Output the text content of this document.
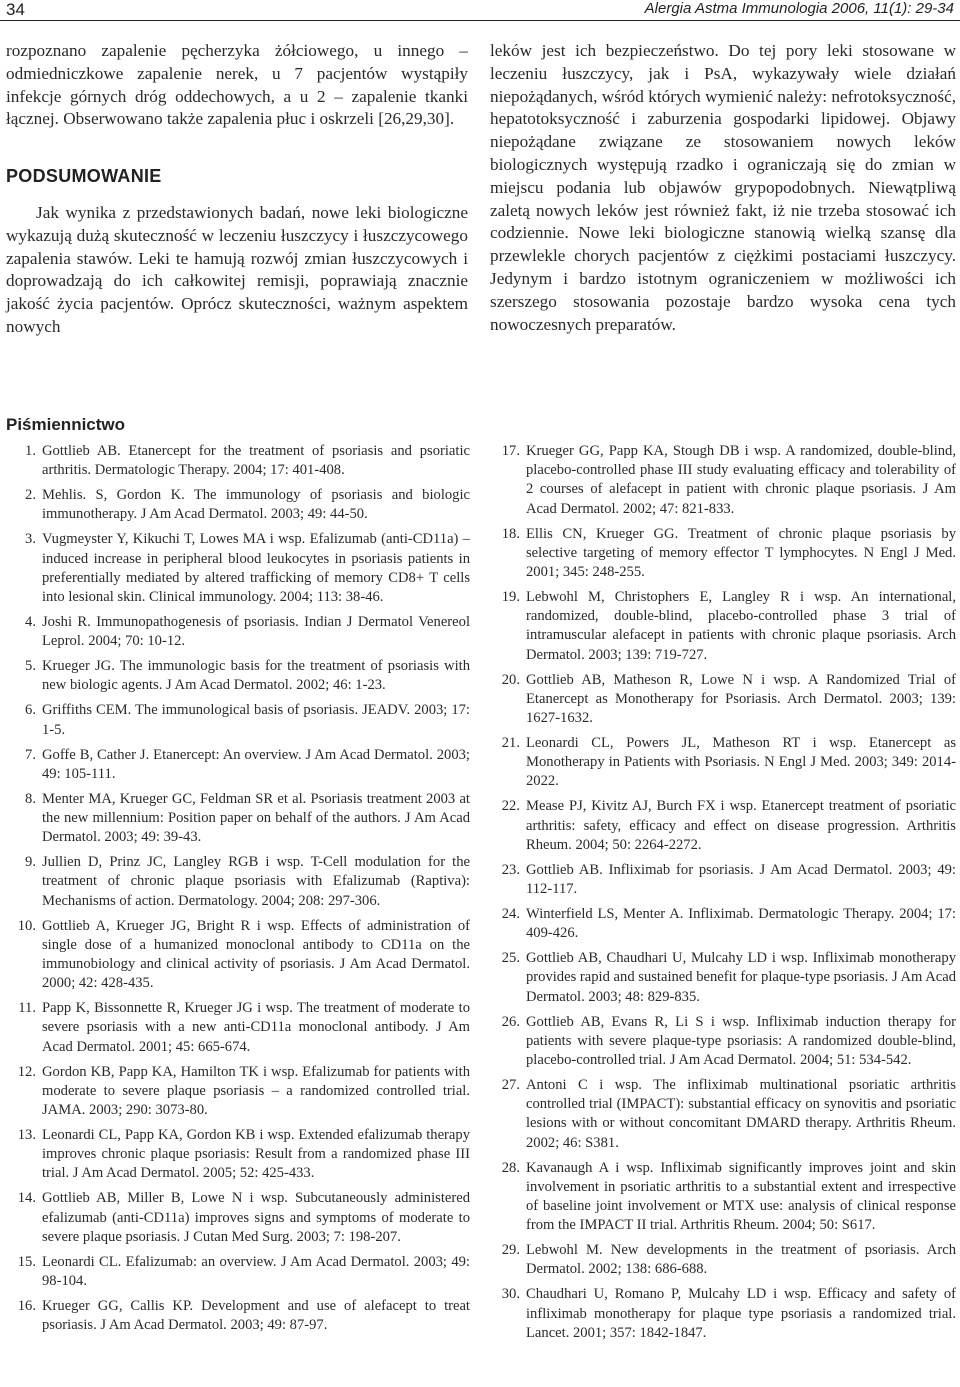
34	Alergia Astma Immunologia 2006, 11(1): 29-34

rozpoznano zapalenie pęcherzyka żółciowego, u innego – odmiedniczkowe zapalenie nerek, u 7 pacjentów wystąpiły infekcje górnych dróg oddechowych, a u 2 – zapalenie tkanki łącznej. Obserwowano także zapalenia płuc i oskrzeli [26,29,30].

PODSUMOWANIE

Jak wynika z przedstawionych badań, nowe leki biologiczne wykazują dużą skuteczność w leczeniu łuszczycy i łuszczycowego zapalenia stawów. Leki te hamują rozwój zmian łuszczycowych i doprowadzają do ich całkowitej remisji, poprawiają znacznie jakość życia pacjentów. Oprócz skuteczności, ważnym aspektem nowych

leków jest ich bezpieczeństwo. Do tej pory leki stosowane w leczeniu łuszczycy, jak i PsA, wykazywały wiele działań niepożądanych, wśród których wymienić należy: nefrotoksyczność, hepatotoksyczność i zaburzenia gospodarki lipidowej. Objawy niepożądane związane ze stosowaniem nowych leków biologicznych występują rzadko i ograniczają się do zmian w miejscu podania lub objawów grypopodobnych. Niewątpliwą zaletą nowych leków jest również fakt, iż nie trzeba stosować ich codziennie. Nowe leki biologiczne stanowią wielką szansę dla przewlekle chorych pacjentów z ciężkimi postaciami łuszczycy. Jedynym i bardzo istotnym ograniczeniem w możliwości ich szerszego stosowania pozostaje bardzo wysoka cena tych nowoczesnych preparatów.

Piśmiennictwo
1. Gottlieb AB. Etanercept for the treatment of psoriasis and psoriatic arthritis. Dermatologic Therapy. 2004; 17: 401-408.
2. Mehlis. S, Gordon K. The immunology of psoriasis and biologic immunotherapy. J Am Acad Dermatol. 2003; 49: 44-50.
3. Vugmeyster Y, Kikuchi T, Lowes MA i wsp. Efalizumab (anti-CD11a) – induced increase in peripheral blood leukocytes in psoriasis patients in preferentially mediated by altered trafficking of memory CD8+ T cells into lesional skin. Clinical immunology. 2004; 113: 38-46.
4. Joshi R. Immunopathogenesis of psoriasis. Indian J Dermatol Venereol Leprol. 2004; 70: 10-12.
5. Krueger JG. The immunologic basis for the treatment of psoriasis with new biologic agents. J Am Acad Dermatol. 2002; 46: 1-23.
6. Griffiths CEM. The immunological basis of psoriasis. JEADV. 2003; 17: 1-5.
7. Goffe B, Cather J. Etanercept: An overview. J Am Acad Dermatol. 2003; 49: 105-111.
8. Menter MA, Krueger GC, Feldman SR et al. Psoriasis treatment 2003 at the new millennium: Position paper on behalf of the authors. J Am Acad Dermatol. 2003; 49: 39-43.
9. Jullien D, Prinz JC, Langley RGB i wsp. T-Cell modulation for the treatment of chronic plaque psoriasis with Efalizumab (Raptiva): Mechanisms of action. Dermatology. 2004; 208: 297-306.
10. Gottlieb A, Krueger JG, Bright R i wsp. Effects of administration of single dose of a humanized monoclonal antibody to CD11a on the immunobiology and clinical activity of psoriasis. J Am Acad Dermatol. 2000; 42: 428-435.
11. Papp K, Bissonnette R, Krueger JG i wsp. The treatment of moderate to severe psoriasis with a new anti-CD11a monoclonal antibody. J Am Acad Dermatol. 2001; 45: 665-674.
12. Gordon KB, Papp KA, Hamilton TK i wsp. Efalizumab for patients with moderate to severe plaque psoriasis – a randomized controlled trial. JAMA. 2003; 290: 3073-80.
13. Leonardi CL, Papp KA, Gordon KB i wsp. Extended efalizumab therapy improves chronic plaque psoriasis: Result from a randomized phase III trial. J Am Acad Dermatol. 2005; 52: 425-433.
14. Gottlieb AB, Miller B, Lowe N i wsp. Subcutaneously administered efalizumab (anti-CD11a) improves signs and symptoms of moderate to severe plaque psoriasis. J Cutan Med Surg. 2003; 7: 198-207.
15. Leonardi CL. Efalizumab: an overview. J Am Acad Dermatol. 2003; 49: 98-104.
16. Krueger GG, Callis KP. Development and use of alefacept to treat psoriasis. J Am Acad Dermatol. 2003; 49: 87-97.
17. Krueger GG, Papp KA, Stough DB i wsp. A randomized, double-blind, placebo-controlled phase III study evaluating efficacy and tolerability of 2 courses of alefacept in patient with chronic plaque psoriasis. J Am Acad Dermatol. 2002; 47: 821-833.
18. Ellis CN, Krueger GG. Treatment of chronic plaque psoriasis by selective targeting of memory effector T lymphocytes. N Engl J Med. 2001; 345: 248-255.
19. Lebwohl M, Christophers E, Langley R i wsp. An international, randomized, double-blind, placebo-controlled phase 3 trial of intramuscular alefacept in patients with chronic plaque psoriasis. Arch Dermatol. 2003; 139: 719-727.
20. Gottlieb AB, Matheson R, Lowe N i wsp. A Randomized Trial of Etanercept as Monotherapy for Psoriasis. Arch Dermatol. 2003; 139: 1627-1632.
21. Leonardi CL, Powers JL, Matheson RT i wsp. Etanercept as Monotherapy in Patients with Psoriasis. N Engl J Med. 2003; 349: 2014-2022.
22. Mease PJ, Kivitz AJ, Burch FX i wsp. Etanercept treatment of psoriatic arthritis: safety, efficacy and effect on disease progression. Arthritis Rheum. 2004; 50: 2264-2272.
23. Gottlieb AB. Infliximab for psoriasis. J Am Acad Dermatol. 2003; 49: 112-117.
24. Winterfield LS, Menter A. Infliximab. Dermatologic Therapy. 2004; 17: 409-426.
25. Gottlieb AB, Chaudhari U, Mulcahy LD i wsp. Infliximab monotherapy provides rapid and sustained benefit for plaque-type psoriasis. J Am Acad Dermatol. 2003; 48: 829-835.
26. Gottlieb AB, Evans R, Li S i wsp. Infliximab induction therapy for patients with severe plaque-type psoriasis: A randomized double-blind, placebo-controlled trial. J Am Acad Dermatol. 2004; 51: 534-542.
27. Antoni C i wsp. The infliximab multinational psoriatic arthritis controlled trial (IMPACT): substantial efficacy on synovitis and psoriatic lesions with or without concomitant DMARD therapy. Arthritis Rheum. 2002; 46: S381.
28. Kavanaugh A i wsp. Infliximab significantly improves joint and skin involvement in psoriatic arthritis to a substantial extent and irrespective of baseline joint involvement or MTX use: analysis of clinical response from the IMPACT II trial. Arthritis Rheum. 2004; 50: S617.
29. Lebwohl M. New developments in the treatment of psoriasis. Arch Dermatol. 2002; 138: 686-688.
30. Chaudhari U, Romano P, Mulcahy LD i wsp. Efficacy and safety of infliximab monotherapy for plaque type psoriasis a randomized trial. Lancet. 2001; 357: 1842-1847.
